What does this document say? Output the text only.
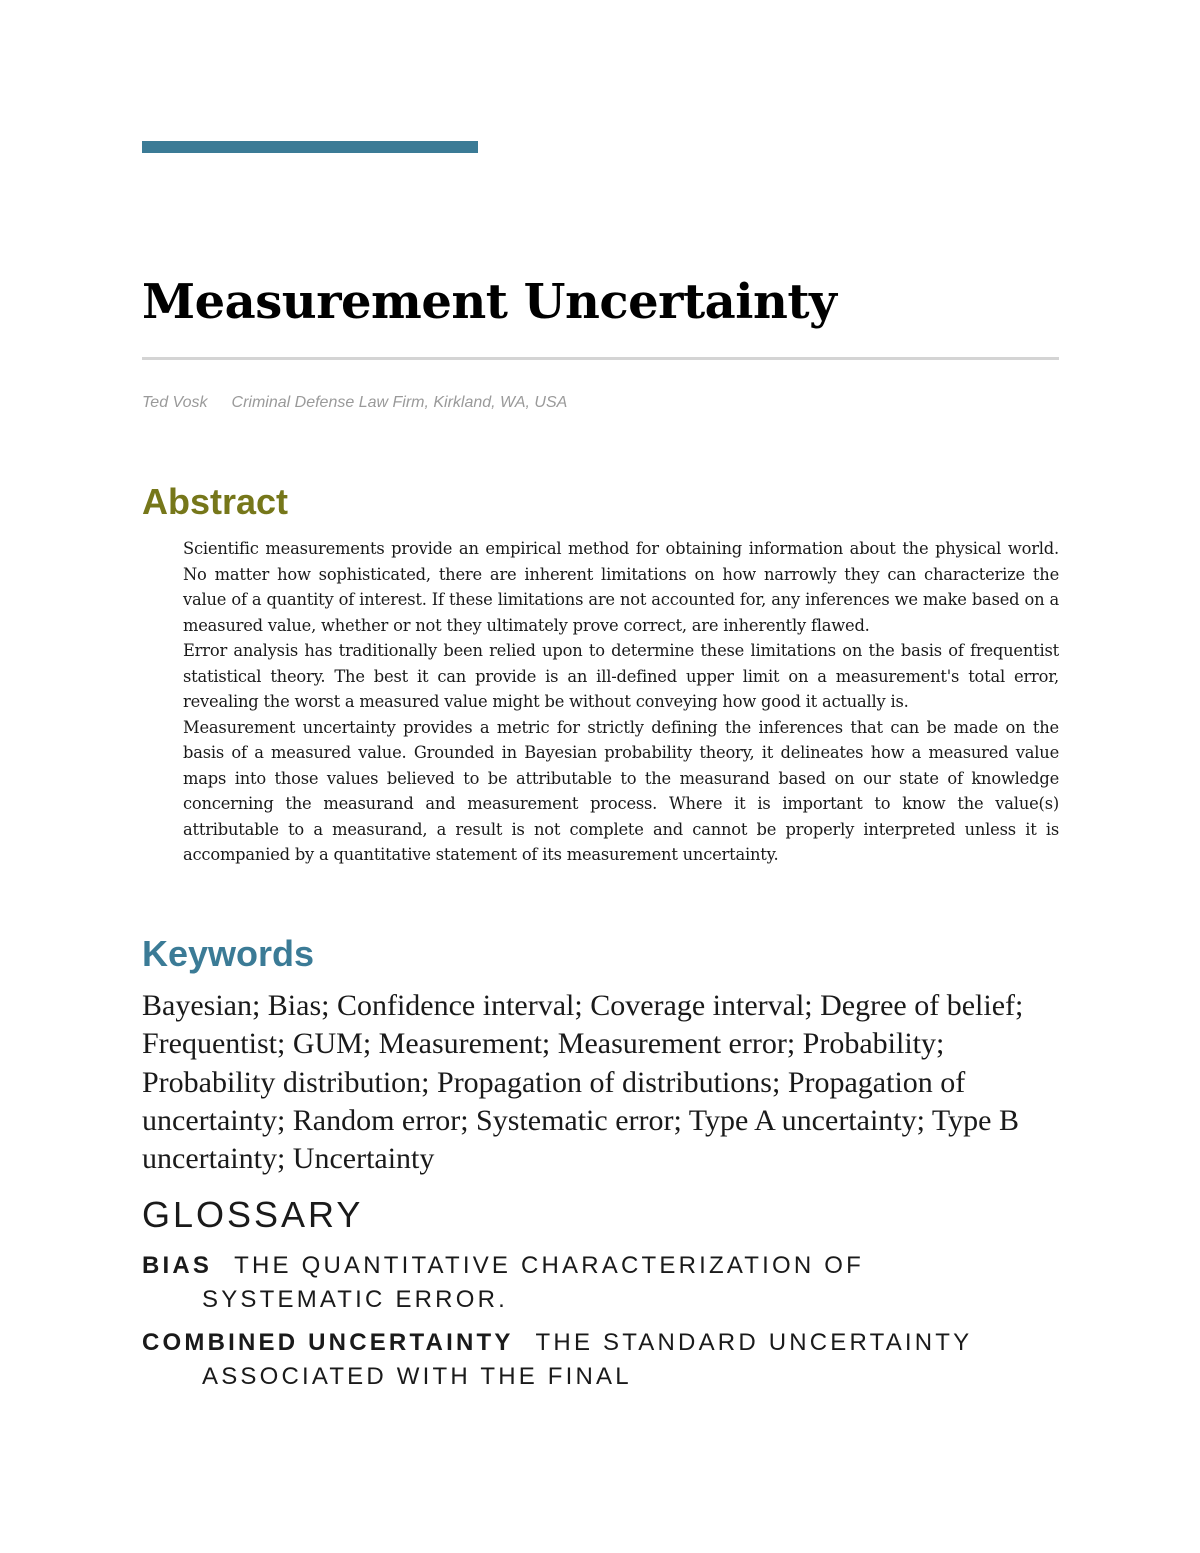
Measurement Uncertainty
Ted Vosk Criminal Defense Law Firm, Kirkland, WA, USA
Abstract

Scientific measurements provide an empirical method for obtaining information about the physical world. No matter how sophisticated, there are inherent limitations on how narrowly they can characterize the value of a quantity of interest. If these limitations are not accounted for, any inferences we make based on a measured value, whether or not they ultimately prove correct, are inherently flawed.

Error analysis has traditionally been relied upon to determine these limitations on the basis of frequentist statistical theory. The best it can provide is an ill-defined upper limit on a measurement's total error, revealing the worst a measured value might be without conveying how good it actually is.

Measurement uncertainty provides a metric for strictly defining the inferences that can be made on the basis of a measured value. Grounded in Bayesian probability theory, it delineates how a measured value maps into those values believed to be attributable to the measurand based on our state of knowledge concerning the measurand and measurement process. Where it is important to know the value(s) attributable to a measurand, a result is not complete and cannot be properly interpreted unless it is accompanied by a quantitative statement of its measurement uncertainty.

Keywords

Bayesian; Bias; Confidence interval; Coverage interval; Degree of belief; Frequentist; GUM; Measurement; Measurement error; Probability; Probability distribution; Propagation of distributions; Propagation of uncertainty; Random error; Systematic error; Type A uncertainty; Type B uncertainty; Uncertainty

GLOSSARY
BIAS THE QUANTITATIVE CHARACTERIZATION OF SYSTEMATIC ERROR.
COMBINED UNCERTAINTY THE STANDARD UNCERTAINTY ASSOCIATED WITH THE FINAL
